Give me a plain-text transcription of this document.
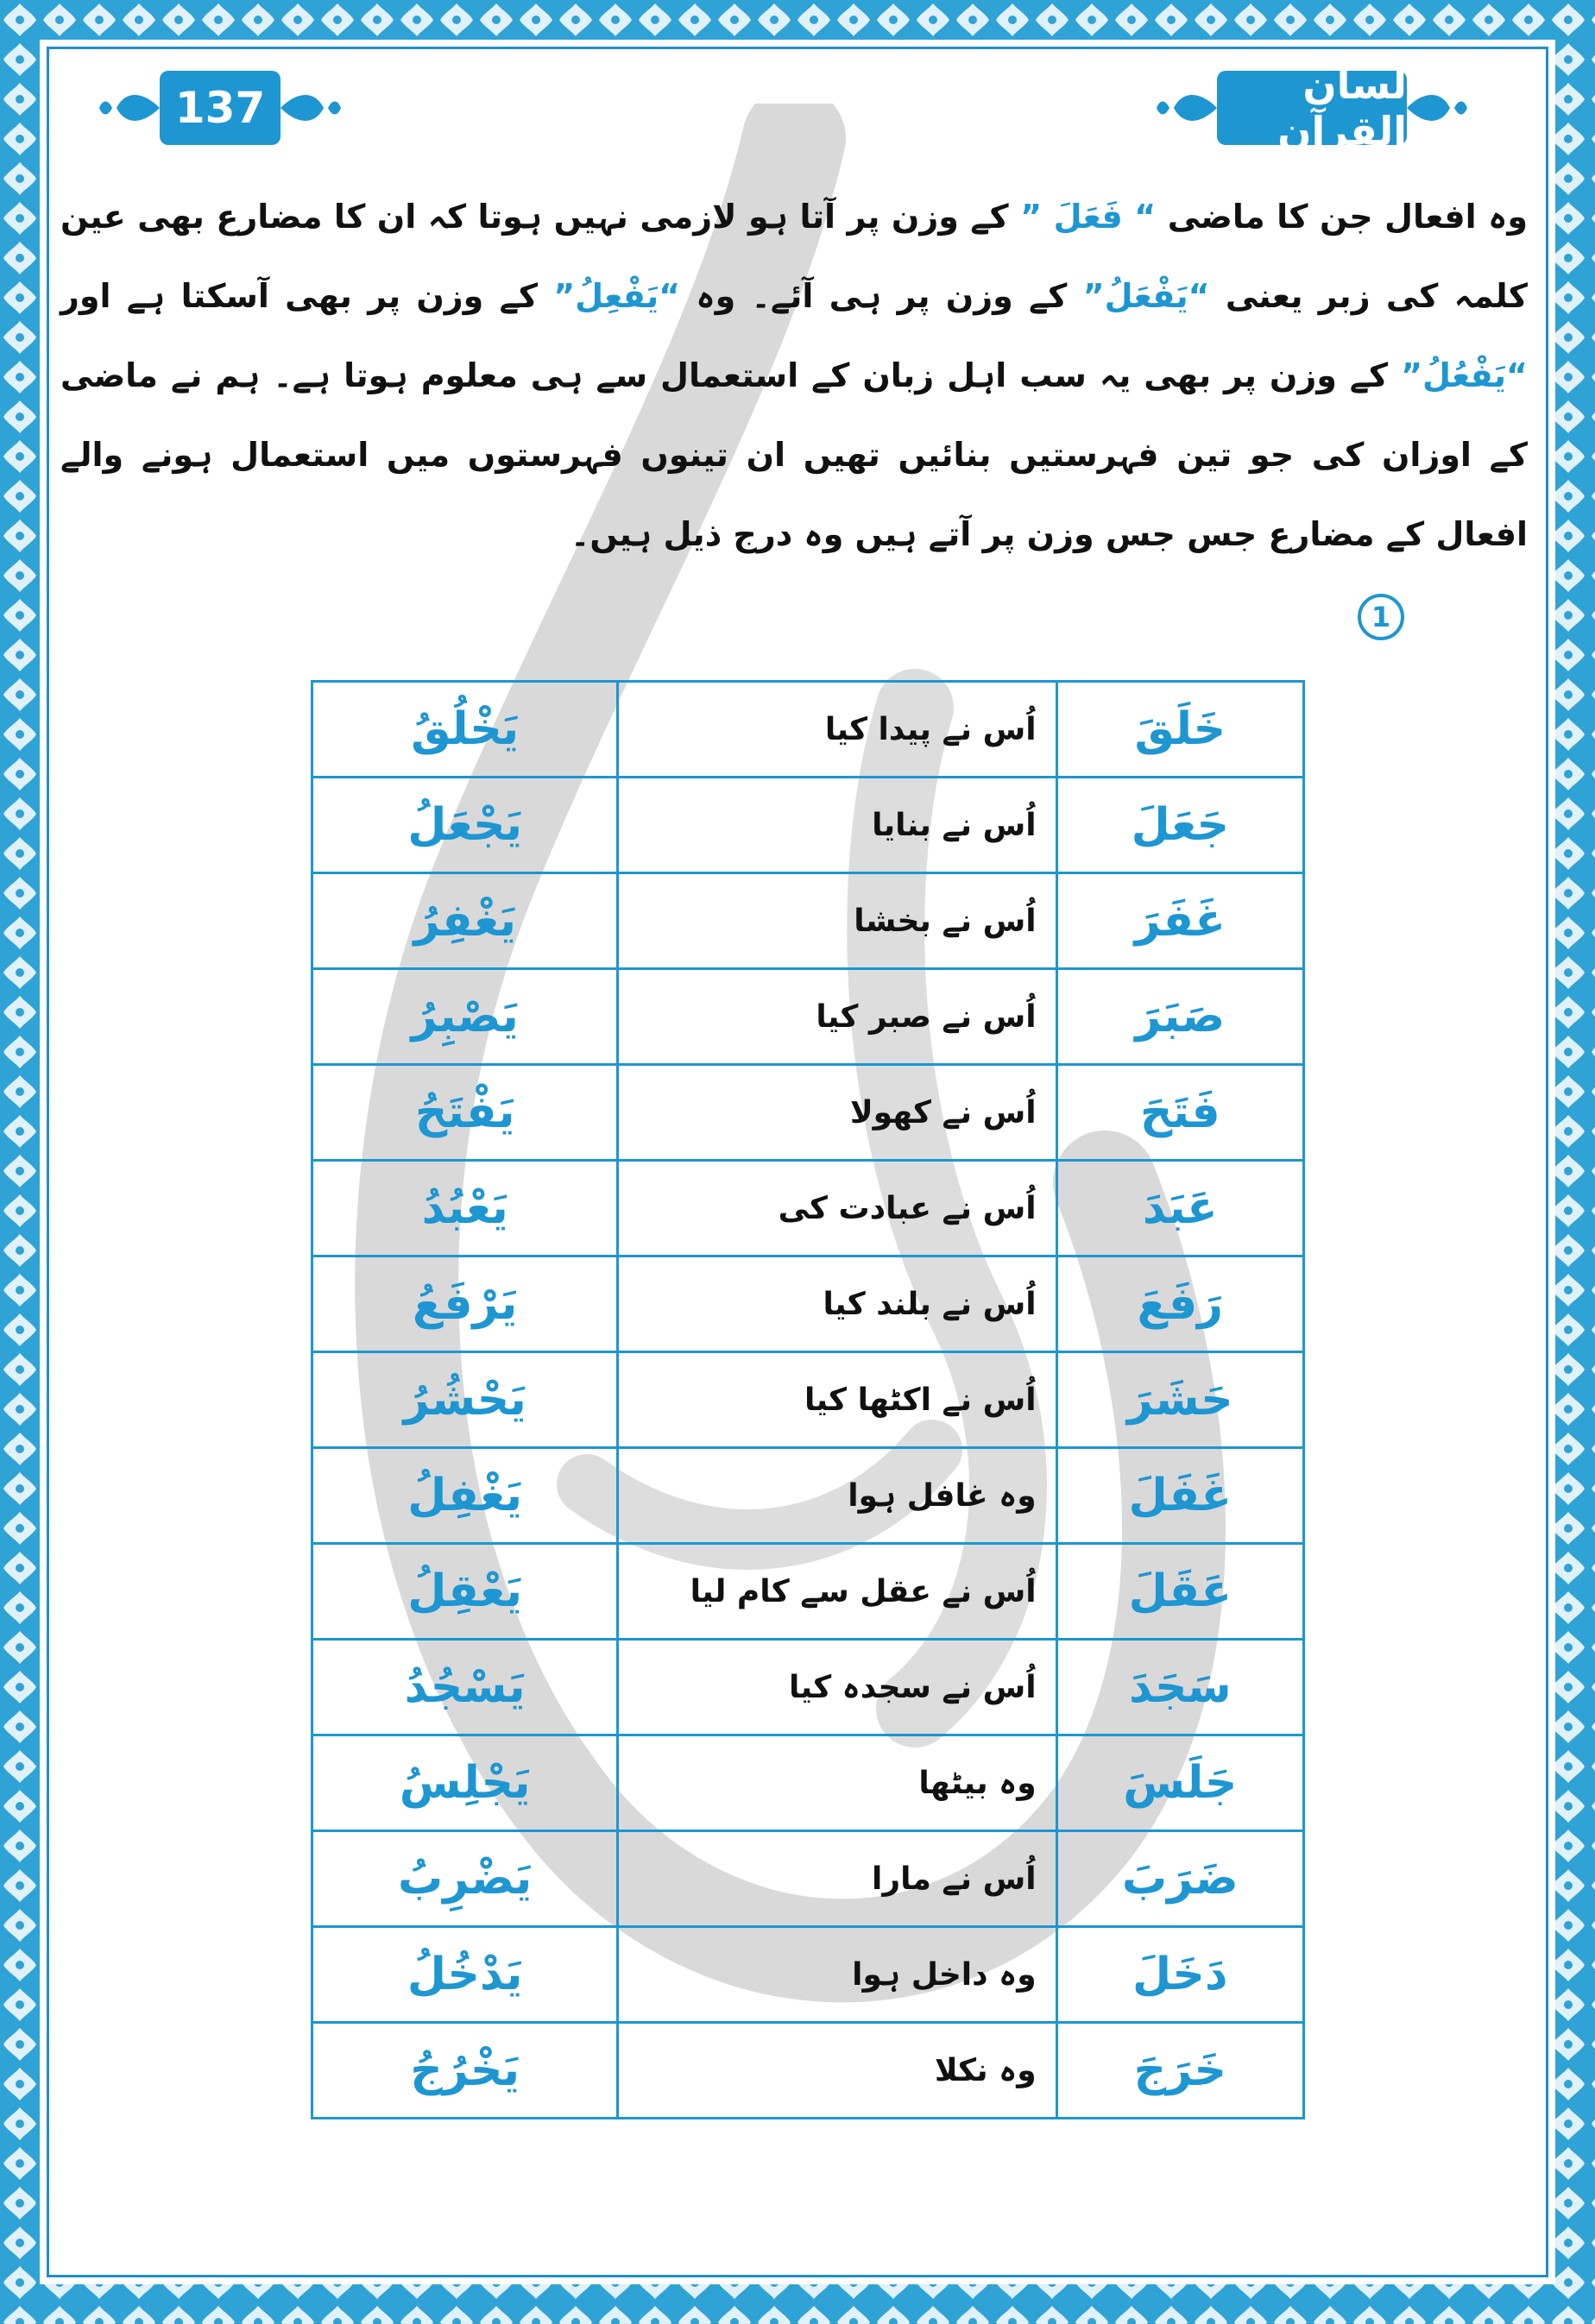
لسان القرآن
137
وہ افعال جن کا ماضی “ فَعَلَ ” کے وزن پر آتا ہو لازمی نہیں ہوتا کہ ان کا مضارع بھی عین کلمہ کی زبر یعنی “یَفْعَلُ” کے وزن پر ہی آئے۔ وہ “یَفْعِلُ” کے وزن پر بھی آسکتا ہے اور “یَفْعُلُ” کے وزن پر بھی یہ سب اہل زبان کے استعمال سے ہی معلوم ہوتا ہے۔ ہم نے ماضی کے اوزان کی جو تین فہرستیں بنائیں تھیں ان تینوں فہرستوں میں استعمال ہونے والے افعال کے مضارع جس جس وزن پر آتے ہیں وہ درج ذیل ہیں۔
1
خَلَقَ	اُس نے پیدا کیا	یَخْلُقُ
جَعَلَ	اُس نے بنایا	یَجْعَلُ
غَفَرَ	اُس نے بخشا	یَغْفِرُ
صَبَرَ	اُس نے صبر کیا	یَصْبِرُ
فَتَحَ	اُس نے کھولا	یَفْتَحُ
عَبَدَ	اُس نے عبادت کی	یَعْبُدُ
رَفَعَ	اُس نے بلند کیا	یَرْفَعُ
حَشَرَ	اُس نے اکٹھا کیا	یَحْشُرُ
غَفَلَ	وہ غافل ہوا	یَغْفِلُ
عَقَلَ	اُس نے عقل سے کام لیا	یَعْقِلُ
سَجَدَ	اُس نے سجدہ کیا	یَسْجُدُ
جَلَسَ	وہ بیٹھا	یَجْلِسُ
ضَرَبَ	اُس نے مارا	یَضْرِبُ
دَخَلَ	وہ داخل ہوا	یَدْخُلُ
خَرَجَ	وہ نکلا	یَخْرُجُ
